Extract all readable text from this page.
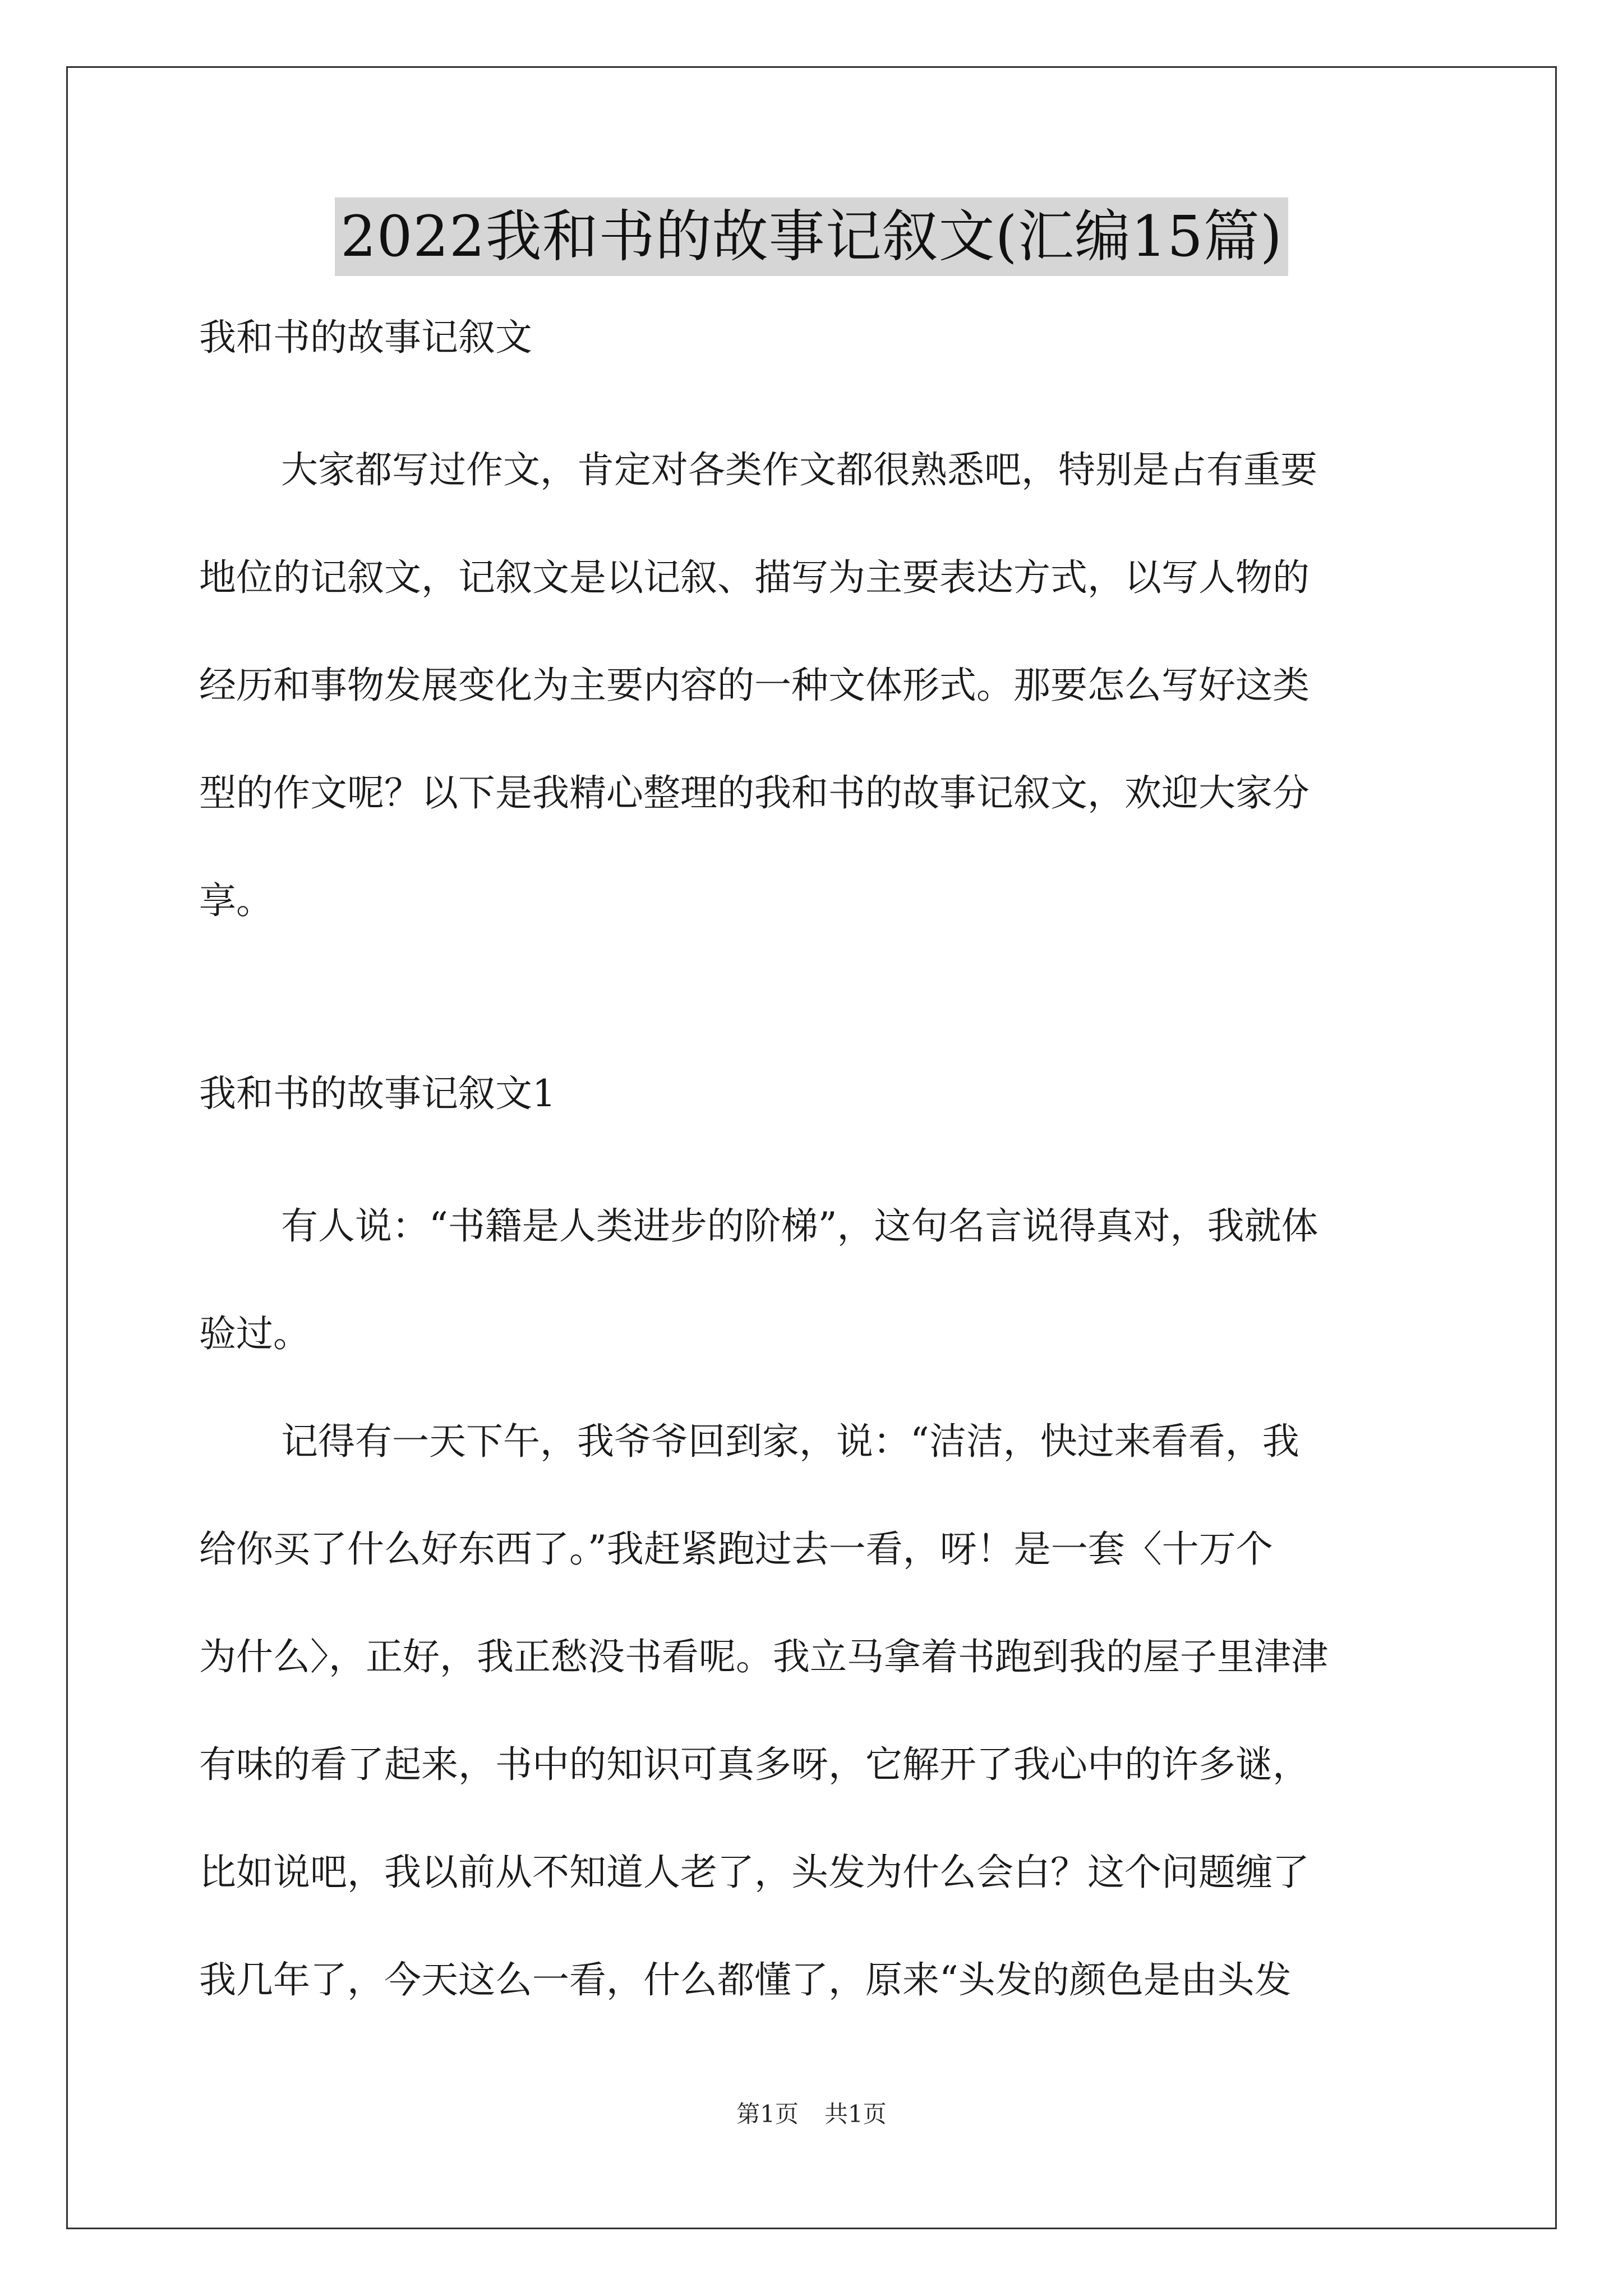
2022我和书的故事记叙文(汇编15篇)
我和书的故事记叙文

大家都写过作文，肯定对各类作文都很熟悉吧，特别是占有重要
地位的记叙文，记叙文是以记叙、描写为主要表达方式，以写人物的
经历和事物发展变化为主要内容的一种文体形式。那要怎么写好这类
型的作文呢？以下是我精心整理的我和书的故事记叙文，欢迎大家分
享。

我和书的故事记叙文1

有人说：“书籍是人类进步的阶梯”，这句名言说得真对，我就体
验过。

记得有一天下午，我爷爷回到家，说：“洁洁，快过来看看，我
给你买了什么好东西了。”我赶紧跑过去一看，呀！是一套〈十万个
为什么〉，正好，我正愁没书看呢。我立马拿着书跑到我的屋子里津津
有味的看了起来，书中的知识可真多呀，它解开了我心中的许多谜，
比如说吧，我以前从不知道人老了，头发为什么会白？这个问题缠了
我几年了，今天这么一看，什么都懂了，原来“头发的颜色是由头发

第1页 共1页
